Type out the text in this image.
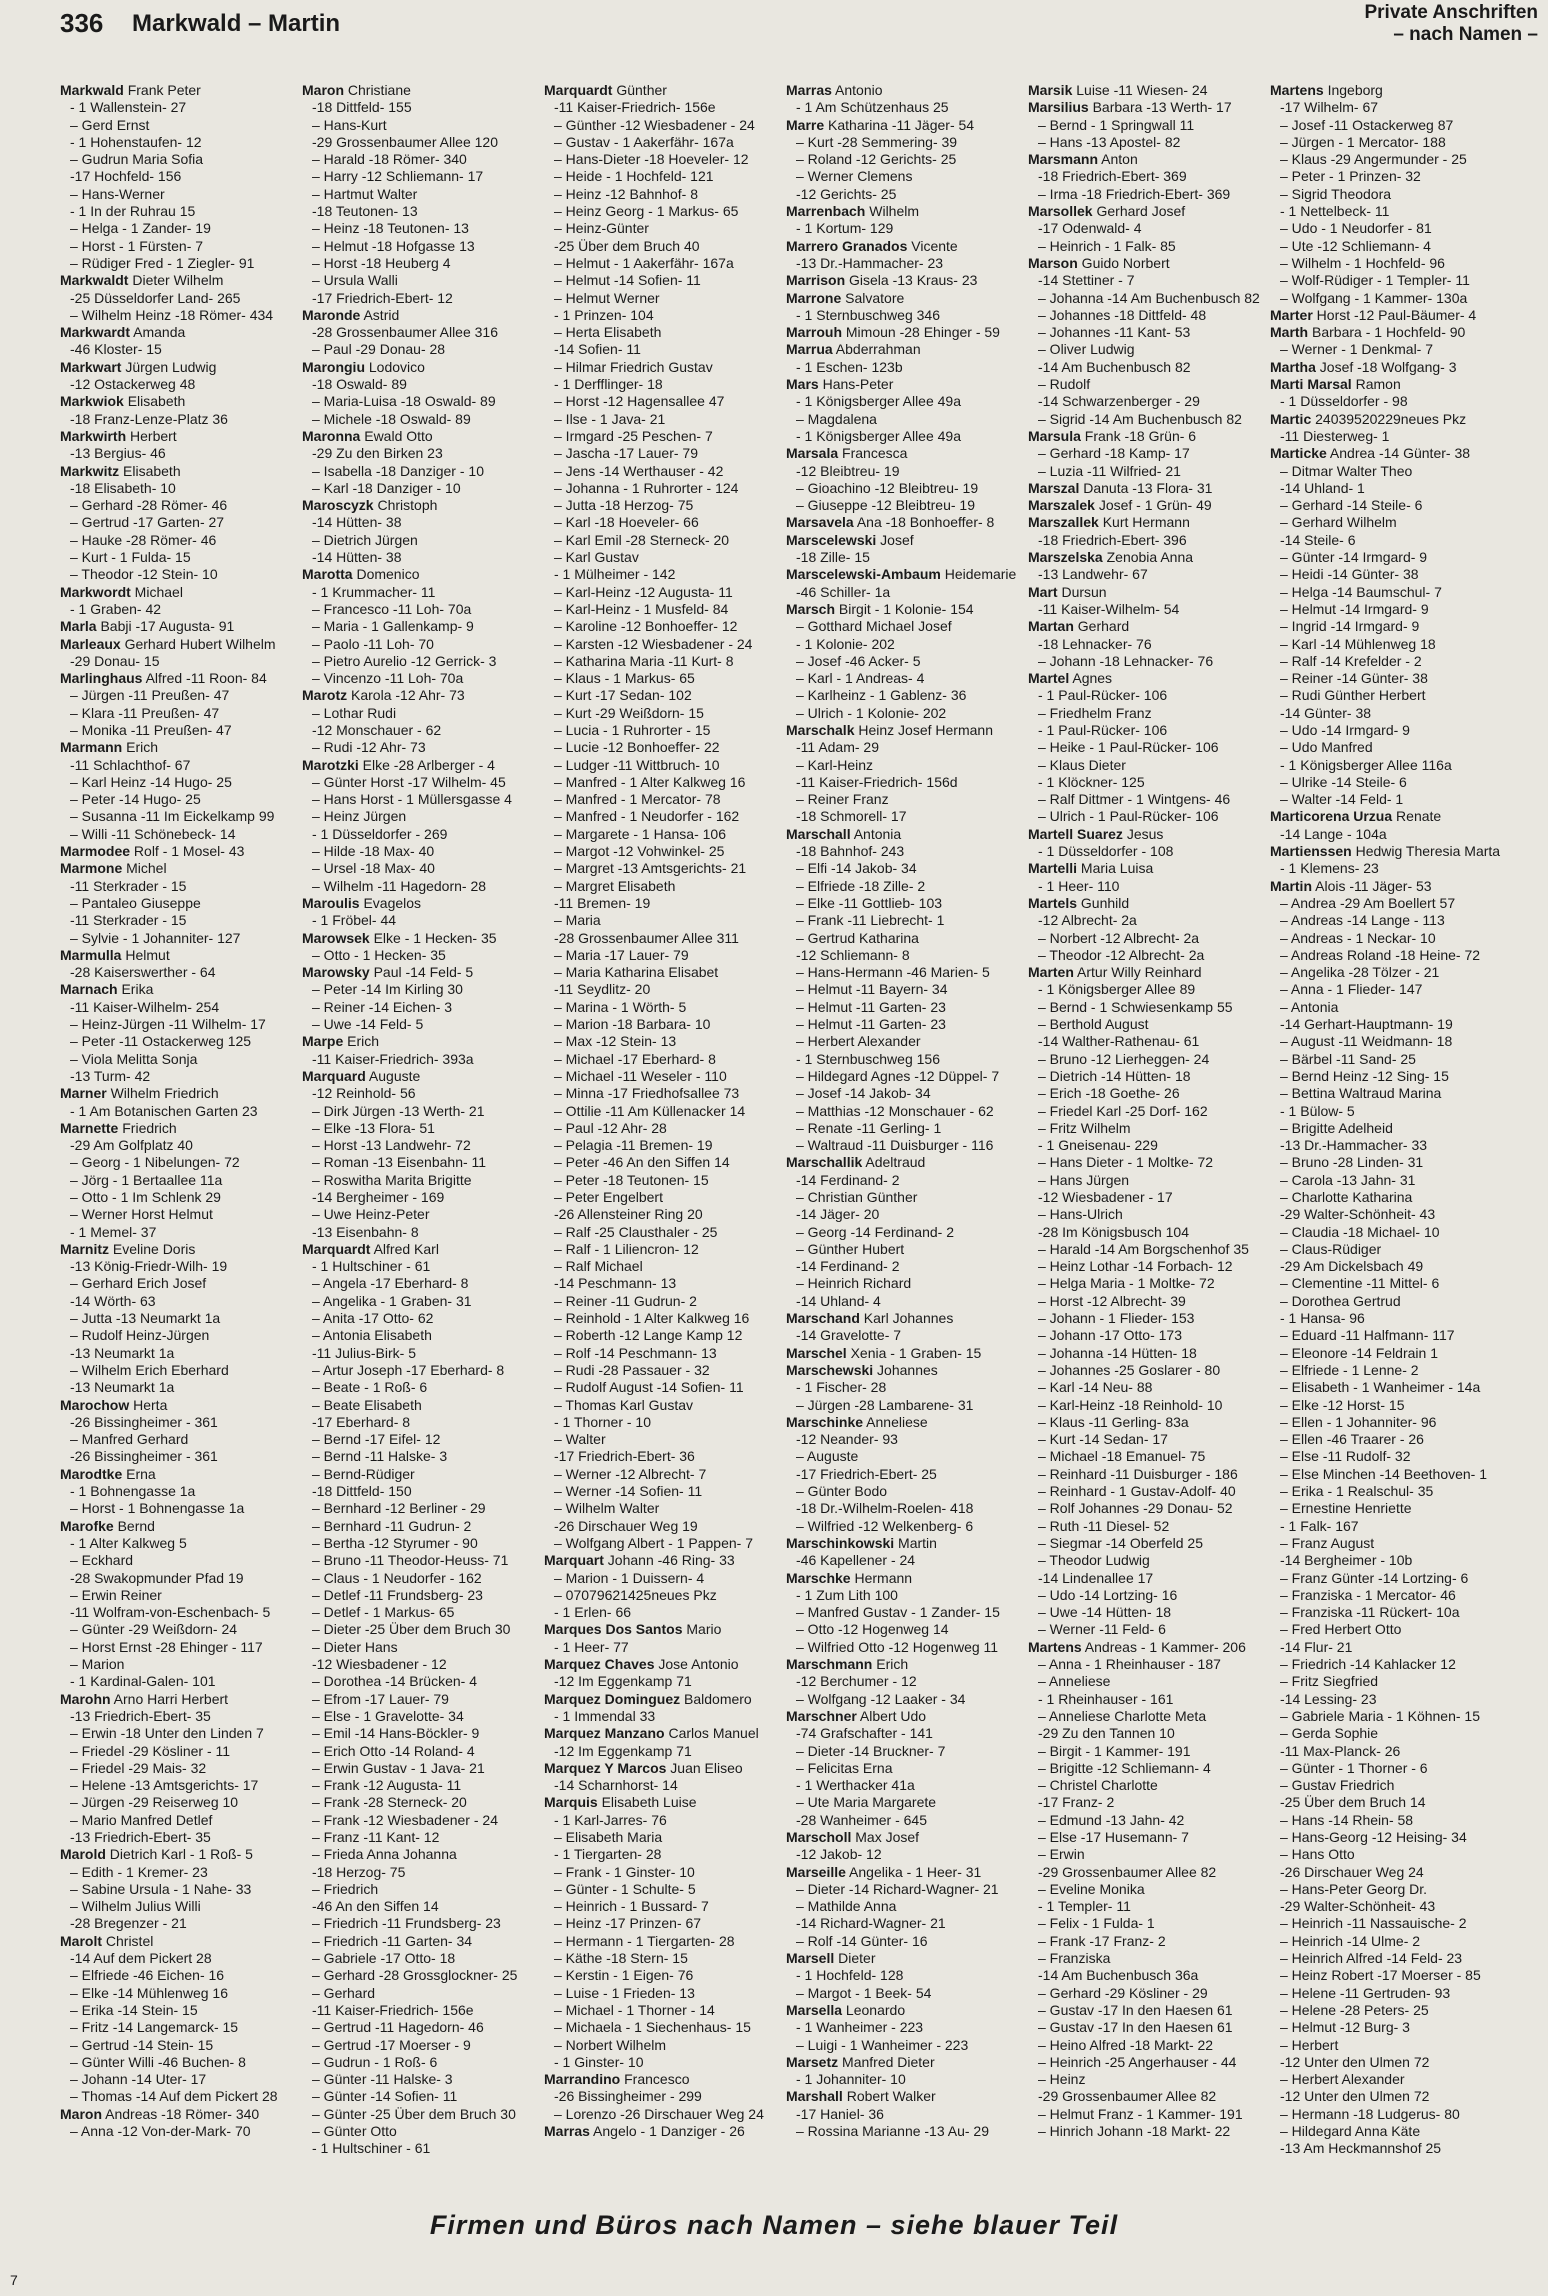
336 Markwald – Martin	Private Anschriften
– nach Namen –
Markwald Frank Peter
- 1 Wallenstein- 27
– Gerd Ernst
- 1 Hohenstaufen- 12
– Gudrun Maria Sofia
-17 Hochfeld- 156
– Hans-Werner
- 1 In der Ruhrau 15
– Helga - 1 Zander- 19
– Horst - 1 Fürsten- 7
– Rüdiger Fred - 1 Ziegler- 91
Markwaldt Dieter Wilhelm
-25 Düsseldorfer Land- 265
– Wilhelm Heinz -18 Römer- 434
Markwardt Amanda
-46 Kloster- 15
Markwart Jürgen Ludwig
-12 Ostackerweg 48
Markwiok Elisabeth
-18 Franz-Lenze-Platz 36
Markwirth Herbert
-13 Bergius- 46
Markwitz Elisabeth
-18 Elisabeth- 10
– Gerhard -28 Römer- 46
– Gertrud -17 Garten- 27
– Hauke -28 Römer- 46
– Kurt - 1 Fulda- 15
– Theodor -12 Stein- 10
Markwordt Michael
- 1 Graben- 42
Marla Babji -17 Augusta- 91
Marleaux Gerhard Hubert Wilhelm
-29 Donau- 15
Marlinghaus Alfred -11 Roon- 84
– Jürgen -11 Preußen- 47
– Klara -11 Preußen- 47
– Monika -11 Preußen- 47
Marmann Erich
-11 Schlachthof- 67
– Karl Heinz -14 Hugo- 25
– Peter -14 Hugo- 25
– Susanna -11 Im Eickelkamp 99
– Willi -11 Schönebeck- 14
Marmodee Rolf - 1 Mosel- 43
Marmone Michel
-11 Sterkrader - 15
– Pantaleo Giuseppe
-11 Sterkrader - 15
– Sylvie - 1 Johanniter- 127
Marmulla Helmut
-28 Kaiserswerther - 64
Marnach Erika
-11 Kaiser-Wilhelm- 254
– Heinz-Jürgen -11 Wilhelm- 17
– Peter -11 Ostackerweg 125
– Viola Melitta Sonja
-13 Turm- 42
Marner Wilhelm Friedrich
- 1 Am Botanischen Garten 23
Marnette Friedrich
-29 Am Golfplatz 40
– Georg - 1 Nibelungen- 72
– Jörg - 1 Bertaallee 11a
– Otto - 1 Im Schlenk 29
– Werner Horst Helmut
- 1 Memel- 37
Marnitz Eveline Doris
-13 König-Friedr-Wilh- 19
– Gerhard Erich Josef
-14 Wörth- 63
– Jutta -13 Neumarkt 1a
– Rudolf Heinz-Jürgen
-13 Neumarkt 1a
– Wilhelm Erich Eberhard
-13 Neumarkt 1a
Marochow Herta
-26 Bissingheimer - 361
– Manfred Gerhard
-26 Bissingheimer - 361
Marodtke Erna
- 1 Bohnengasse 1a
– Horst - 1 Bohnengasse 1a
Marofke Bernd
- 1 Alter Kalkweg 5
– Eckhard
-28 Swakopmunder Pfad 19
– Erwin Reiner
-11 Wolfram-von-Eschenbach- 5
– Günter -29 Weißdorn- 24
– Horst Ernst -28 Ehinger - 117
– Marion
- 1 Kardinal-Galen- 101
Marohn Arno Harri Herbert
-13 Friedrich-Ebert- 35
– Erwin -18 Unter den Linden 7
– Friedel -29 Kösliner - 11
– Friedel -29 Mais- 32
– Helene -13 Amtsgerichts- 17
– Jürgen -29 Reiserweg 10
– Mario Manfred Detlef
-13 Friedrich-Ebert- 35
Marold Dietrich Karl - 1 Roß- 5
– Edith - 1 Kremer- 23
– Sabine Ursula - 1 Nahe- 33
– Wilhelm Julius Willi
-28 Bregenzer - 21
Marolt Christel
-14 Auf dem Pickert 28
– Elfriede -46 Eichen- 16
– Elke -14 Mühlenweg 16
– Erika -14 Stein- 15
– Fritz -14 Langemarck- 15
– Gertrud -14 Stein- 15
– Günter Willi -46 Buchen- 8
– Johann -14 Uter- 17
– Thomas -14 Auf dem Pickert 28
Maron Andreas -18 Römer- 340
– Anna -12 Von-der-Mark- 70
Maron Christiane
-18 Dittfeld- 155
– Hans-Kurt
-29 Grossenbaumer Allee 120
– Harald -18 Römer- 340
– Harry -12 Schliemann- 17
– Hartmut Walter
-18 Teutonen- 13
– Heinz -18 Teutonen- 13
– Helmut -18 Hofgasse 13
– Horst -18 Heuberg 4
– Ursula Walli
-17 Friedrich-Ebert- 12
Maronde Astrid
-28 Grossenbaumer Allee 316
– Paul -29 Donau- 28
Marongiu Lodovico
-18 Oswald- 89
– Maria-Luisa -18 Oswald- 89
– Michele -18 Oswald- 89
Maronna Ewald Otto
-29 Zu den Birken 23
– Isabella -18 Danziger - 10
– Karl -18 Danziger - 10
Maroscyzk Christoph
-14 Hütten- 38
– Dietrich Jürgen
-14 Hütten- 38
Marotta Domenico
- 1 Krummacher- 11
– Francesco -11 Loh- 70a
– Maria - 1 Gallenkamp- 9
– Paolo -11 Loh- 70
– Pietro Aurelio -12 Gerrick- 3
– Vincenzo -11 Loh- 70a
Marotz Karola -12 Ahr- 73
– Lothar Rudi
-12 Monschauer - 62
– Rudi -12 Ahr- 73
Marotzki Elke -28 Arlberger - 4
– Günter Horst -17 Wilhelm- 45
– Hans Horst - 1 Müllersgasse 4
– Heinz Jürgen
- 1 Düsseldorfer - 269
– Hilde -18 Max- 40
– Ursel -18 Max- 40
– Wilhelm -11 Hagedorn- 28
Maroulis Evagelos
- 1 Fröbel- 44
Marowsek Elke - 1 Hecken- 35
– Otto - 1 Hecken- 35
Marowsky Paul -14 Feld- 5
– Peter -14 Im Kirling 30
– Reiner -14 Eichen- 3
– Uwe -14 Feld- 5
Marpe Erich
-11 Kaiser-Friedrich- 393a
Marquard Auguste
-12 Reinhold- 56
– Dirk Jürgen -13 Werth- 21
– Elke -13 Flora- 51
– Horst -13 Landwehr- 72
– Roman -13 Eisenbahn- 11
– Roswitha Marita Brigitte
-14 Bergheimer - 169
– Uwe Heinz-Peter
-13 Eisenbahn- 8
Marquardt Alfred Karl
- 1 Hultschiner - 61
– Angela -17 Eberhard- 8
– Angelika - 1 Graben- 31
– Anita -17 Otto- 62
– Antonia Elisabeth
-11 Julius-Birk- 5
– Artur Joseph -17 Eberhard- 8
– Beate - 1 Roß- 6
– Beate Elisabeth
-17 Eberhard- 8
– Bernd -17 Eifel- 12
– Bernd -11 Halske- 3
– Bernd-Rüdiger
-18 Dittfeld- 150
– Bernhard -12 Berliner - 29
– Bernhard -11 Gudrun- 2
– Bertha -12 Styrumer - 90
– Bruno -11 Theodor-Heuss- 71
– Claus - 1 Neudorfer - 162
– Detlef -11 Frundsberg- 23
– Detlef - 1 Markus- 65
– Dieter -25 Über dem Bruch 30
– Dieter Hans
-12 Wiesbadener - 12
– Dorothea -14 Brücken- 4
– Efrom -17 Lauer- 79
– Else - 1 Gravelotte- 34
– Emil -14 Hans-Böckler- 9
– Erich Otto -14 Roland- 4
– Erwin Gustav - 1 Java- 21
– Frank -12 Augusta- 11
– Frank -28 Sterneck- 20
– Frank -12 Wiesbadener - 24
– Franz -11 Kant- 12
– Frieda Anna Johanna
-18 Herzog- 75
– Friedrich
-46 An den Siffen 14
– Friedrich -11 Frundsberg- 23
– Friedrich -11 Garten- 34
– Gabriele -17 Otto- 18
– Gerhard -28 Grossglockner- 25
– Gerhard
-11 Kaiser-Friedrich- 156e
– Gertrud -11 Hagedorn- 46
– Gertrud -17 Moerser - 9
– Gudrun - 1 Roß- 6
– Günter -11 Halske- 3
– Günter -14 Sofien- 11
– Günter -25 Über dem Bruch 30
– Günter Otto
- 1 Hultschiner - 61
Marquardt Günther
-11 Kaiser-Friedrich- 156e
– Günther -12 Wiesbadener - 24
– Gustav - 1 Aakerfähr- 167a
– Hans-Dieter -18 Hoeveler- 12
– Heide - 1 Hochfeld- 121
– Heinz -12 Bahnhof- 8
– Heinz Georg - 1 Markus- 65
– Heinz-Günter
-25 Über dem Bruch 40
– Helmut - 1 Aakerfähr- 167a
– Helmut -14 Sofien- 11
– Helmut Werner
- 1 Prinzen- 104
– Herta Elisabeth
-14 Sofien- 11
– Hilmar Friedrich Gustav
- 1 Derfflinger- 18
– Horst -12 Hagensallee 47
– Ilse - 1 Java- 21
– Irmgard -25 Peschen- 7
– Jascha -17 Lauer- 79
– Jens -14 Werthauser - 42
– Johanna - 1 Ruhrorter - 124
– Jutta -18 Herzog- 75
– Karl -18 Hoeveler- 66
– Karl Emil -28 Sterneck- 20
– Karl Gustav
- 1 Mülheimer - 142
– Karl-Heinz -12 Augusta- 11
– Karl-Heinz - 1 Musfeld- 84
– Karoline -12 Bonhoeffer- 12
– Karsten -12 Wiesbadener - 24
– Katharina Maria -11 Kurt- 8
– Klaus - 1 Markus- 65
– Kurt -17 Sedan- 102
– Kurt -29 Weißdorn- 15
– Lucia - 1 Ruhrorter - 15
– Lucie -12 Bonhoeffer- 22
– Ludger -11 Wittbruch- 10
– Manfred - 1 Alter Kalkweg 16
– Manfred - 1 Mercator- 78
– Manfred - 1 Neudorfer - 162
– Margarete - 1 Hansa- 106
– Margot -12 Vohwinkel- 25
– Margret -13 Amtsgerichts- 21
– Margret Elisabeth
-11 Bremen- 19
– Maria
-28 Grossenbaumer Allee 311
– Maria -17 Lauer- 79
– Maria Katharina Elisabet
-11 Seydlitz- 20
– Marina - 1 Wörth- 5
– Marion -18 Barbara- 10
– Max -12 Stein- 13
– Michael -17 Eberhard- 8
– Michael -11 Weseler - 110
– Minna -17 Friedhofsallee 73
– Ottilie -11 Am Küllenacker 14
– Paul -12 Ahr- 28
– Pelagia -11 Bremen- 19
– Peter -46 An den Siffen 14
– Peter -18 Teutonen- 15
– Peter Engelbert
-26 Allensteiner Ring 20
– Ralf -25 Clausthaler - 25
– Ralf - 1 Liliencron- 12
– Ralf Michael
-14 Peschmann- 13
– Reiner -11 Gudrun- 2
– Reinhold - 1 Alter Kalkweg 16
– Roberth -12 Lange Kamp 12
– Rolf -14 Peschmann- 13
– Rudi -28 Passauer - 32
– Rudolf August -14 Sofien- 11
– Thomas Karl Gustav
- 1 Thorner - 10
– Walter
-17 Friedrich-Ebert- 36
– Werner -12 Albrecht- 7
– Werner -14 Sofien- 11
– Wilhelm Walter
-26 Dirschauer Weg 19
– Wolfgang Albert - 1 Pappen- 7
Marquart Johann -46 Ring- 33
– Marion - 1 Duissern- 4
– 07079621425neues Pkz
- 1 Erlen- 66
Marques Dos Santos Mario
- 1 Heer- 77
Marquez Chaves Jose Antonio
-12 Im Eggenkamp 71
Marquez Dominguez Baldomero
- 1 Immendal 33
Marquez Manzano Carlos Manuel
-12 Im Eggenkamp 71
Marquez Y Marcos Juan Eliseo
-14 Scharnhorst- 14
Marquis Elisabeth Luise
- 1 Karl-Jarres- 76
– Elisabeth Maria
- 1 Tiergarten- 28
– Frank - 1 Ginster- 10
– Günter - 1 Schulte- 5
– Heinrich - 1 Bussard- 7
– Heinz -17 Prinzen- 67
– Hermann - 1 Tiergarten- 28
– Käthe -18 Stern- 15
– Kerstin - 1 Eigen- 76
– Luise - 1 Frieden- 13
– Michael - 1 Thorner - 14
– Michaela - 1 Siechenhaus- 15
– Norbert Wilhelm
- 1 Ginster- 10
Marrandino Francesco
-26 Bissingheimer - 299
– Lorenzo -26 Dirschauer Weg 24
Marras Angelo - 1 Danziger - 26
Marras Antonio
- 1 Am Schützenhaus 25
Marre Katharina -11 Jäger- 54
– Kurt -28 Semmering- 39
– Roland -12 Gerichts- 25
– Werner Clemens
-12 Gerichts- 25
Marrenbach Wilhelm
- 1 Kortum- 129
Marrero Granados Vicente
-13 Dr.-Hammacher- 23
Marrison Gisela -13 Kraus- 23
Marrone Salvatore
- 1 Sternbuschweg 346
Marrouh Mimoun -28 Ehinger - 59
Marrua Abderrahman
- 1 Eschen- 123b
Mars Hans-Peter
- 1 Königsberger Allee 49a
– Magdalena
- 1 Königsberger Allee 49a
Marsala Francesca
-12 Bleibtreu- 19
– Gioachino -12 Bleibtreu- 19
– Giuseppe -12 Bleibtreu- 19
Marsavela Ana -18 Bonhoeffer- 8
Marscelewski Josef
-18 Zille- 15
Marscelewski-Ambaum Heidemarie
-46 Schiller- 1a
Marsch Birgit - 1 Kolonie- 154
– Gotthard Michael Josef
- 1 Kolonie- 202
– Josef -46 Acker- 5
– Karl - 1 Andreas- 4
– Karlheinz - 1 Gablenz- 36
– Ulrich - 1 Kolonie- 202
Marschalk Heinz Josef Hermann
-11 Adam- 29
– Karl-Heinz
-11 Kaiser-Friedrich- 156d
– Reiner Franz
-18 Schmorell- 17
Marschall Antonia
-18 Bahnhof- 243
– Elfi -14 Jakob- 34
– Elfriede -18 Zille- 2
– Elke -11 Gottlieb- 103
– Frank -11 Liebrecht- 1
– Gertrud Katharina
-12 Schliemann- 8
– Hans-Hermann -46 Marien- 5
– Helmut -11 Bayern- 34
– Helmut -11 Garten- 23
– Helmut -11 Garten- 23
– Herbert Alexander
- 1 Sternbuschweg 156
– Hildegard Agnes -12 Düppel- 7
– Josef -14 Jakob- 34
– Matthias -12 Monschauer - 62
– Renate -11 Gerling- 1
– Waltraud -11 Duisburger - 116
Marschallik Adeltraud
-14 Ferdinand- 2
– Christian Günther
-14 Jäger- 20
– Georg -14 Ferdinand- 2
– Günther Hubert
-14 Ferdinand- 2
– Heinrich Richard
-14 Uhland- 4
Marschand Karl Johannes
-14 Gravelotte- 7
Marschel Xenia - 1 Graben- 15
Marschewski Johannes
- 1 Fischer- 28
– Jürgen -28 Lambarene- 31
Marschinke Anneliese
-12 Neander- 93
– Auguste
-17 Friedrich-Ebert- 25
– Günter Bodo
-18 Dr.-Wilhelm-Roelen- 418
– Wilfried -12 Welkenberg- 6
Marschinkowski Martin
-46 Kapellener - 24
Marschke Hermann
- 1 Zum Lith 100
– Manfred Gustav - 1 Zander- 15
– Otto -12 Hogenweg 14
– Wilfried Otto -12 Hogenweg 11
Marschmann Erich
-12 Berchumer - 12
– Wolfgang -12 Laaker - 34
Marschner Albert Udo
-74 Grafschafter - 141
– Dieter -14 Bruckner- 7
– Felicitas Erna
- 1 Werthacker 41a
– Ute Maria Margarete
-28 Wanheimer - 645
Marscholl Max Josef
-12 Jakob- 12
Marseille Angelika - 1 Heer- 31
– Dieter -14 Richard-Wagner- 21
– Mathilde Anna
-14 Richard-Wagner- 21
– Rolf -14 Günter- 16
Marsell Dieter
- 1 Hochfeld- 128
– Margot - 1 Beek- 54
Marsella Leonardo
- 1 Wanheimer - 223
– Luigi - 1 Wanheimer - 223
Marsetz Manfred Dieter
- 1 Johanniter- 10
Marshall Robert Walker
-17 Haniel- 36
– Rossina Marianne -13 Au- 29
Marsik Luise -11 Wiesen- 24
Marsilius Barbara -13 Werth- 17
– Bernd - 1 Springwall 11
– Hans -13 Apostel- 82
Marsmann Anton
-18 Friedrich-Ebert- 369
– Irma -18 Friedrich-Ebert- 369
Marsollek Gerhard Josef
-17 Odenwald- 4
– Heinrich - 1 Falk- 85
Marson Guido Norbert
-14 Stettiner - 7
– Johanna -14 Am Buchenbusch 82
– Johannes -18 Dittfeld- 48
– Johannes -11 Kant- 53
– Oliver Ludwig
-14 Am Buchenbusch 82
– Rudolf
-14 Schwarzenberger - 29
– Sigrid -14 Am Buchenbusch 82
Marsula Frank -18 Grün- 6
– Gerhard -18 Kamp- 17
– Luzia -11 Wilfried- 21
Marszal Danuta -13 Flora- 31
Marszalek Josef - 1 Grün- 49
Marszallek Kurt Hermann
-18 Friedrich-Ebert- 396
Marszelska Zenobia Anna
-13 Landwehr- 67
Mart Dursun
-11 Kaiser-Wilhelm- 54
Martan Gerhard
-18 Lehnacker- 76
– Johann -18 Lehnacker- 76
Martel Agnes
- 1 Paul-Rücker- 106
– Friedhelm Franz
- 1 Paul-Rücker- 106
– Heike - 1 Paul-Rücker- 106
– Klaus Dieter
- 1 Klöckner- 125
– Ralf Dittmer - 1 Wintgens- 46
– Ulrich - 1 Paul-Rücker- 106
Martell Suarez Jesus
- 1 Düsseldorfer - 108
Martelli Maria Luisa
- 1 Heer- 110
Martels Gunhild
-12 Albrecht- 2a
– Norbert -12 Albrecht- 2a
– Theodor -12 Albrecht- 2a
Marten Artur Willy Reinhard
- 1 Königsberger Allee 89
– Bernd - 1 Schwiesenkamp 55
– Berthold August
-14 Walther-Rathenau- 61
– Bruno -12 Lierheggen- 24
– Dietrich -14 Hütten- 18
– Erich -18 Goethe- 26
– Friedel Karl -25 Dorf- 162
– Fritz Wilhelm
- 1 Gneisenau- 229
– Hans Dieter - 1 Moltke- 72
– Hans Jürgen
-12 Wiesbadener - 17
– Hans-Ulrich
-28 Im Königsbusch 104
– Harald -14 Am Borgschenhof 35
– Heinz Lothar -14 Forbach- 12
– Helga Maria - 1 Moltke- 72
– Horst -12 Albrecht- 39
– Johann - 1 Flieder- 153
– Johann -17 Otto- 173
– Johanna -14 Hütten- 18
– Johannes -25 Goslarer - 80
– Karl -14 Neu- 88
– Karl-Heinz -18 Reinhold- 10
– Klaus -11 Gerling- 83a
– Kurt -14 Sedan- 17
– Michael -18 Emanuel- 75
– Reinhard -11 Duisburger - 186
– Reinhard - 1 Gustav-Adolf- 40
– Rolf Johannes -29 Donau- 52
– Ruth -11 Diesel- 52
– Siegmar -14 Oberfeld 25
– Theodor Ludwig
-14 Lindenallee 17
– Udo -14 Lortzing- 16
– Uwe -14 Hütten- 18
– Werner -11 Feld- 6
Martens Andreas - 1 Kammer- 206
– Anna - 1 Rheinhauser - 187
– Anneliese
- 1 Rheinhauser - 161
– Anneliese Charlotte Meta
-29 Zu den Tannen 10
– Birgit - 1 Kammer- 191
– Brigitte -12 Schliemann- 4
– Christel Charlotte
-17 Franz- 2
– Edmund -13 Jahn- 42
– Else -17 Husemann- 7
– Erwin
-29 Grossenbaumer Allee 82
– Eveline Monika
- 1 Templer- 11
– Felix - 1 Fulda- 1
– Frank -17 Franz- 2
– Franziska
-14 Am Buchenbusch 36a
– Gerhard -29 Kösliner - 29
– Gustav -17 In den Haesen 61
– Gustav -17 In den Haesen 61
– Heino Alfred -18 Markt- 22
– Heinrich -25 Angerhauser - 44
– Heinz
-29 Grossenbaumer Allee 82
– Helmut Franz - 1 Kammer- 191
– Hinrich Johann -18 Markt- 22
Martens Ingeborg
-17 Wilhelm- 67
– Josef -11 Ostackerweg 87
– Jürgen - 1 Mercator- 188
– Klaus -29 Angermunder - 25
– Peter - 1 Prinzen- 32
– Sigrid Theodora
- 1 Nettelbeck- 11
– Udo - 1 Neudorfer - 81
– Ute -12 Schliemann- 4
– Wilhelm - 1 Hochfeld- 96
– Wolf-Rüdiger - 1 Templer- 11
– Wolfgang - 1 Kammer- 130a
Marter Horst -12 Paul-Bäumer- 4
Marth Barbara - 1 Hochfeld- 90
– Werner - 1 Denkmal- 7
Martha Josef -18 Wolfgang- 3
Marti Marsal Ramon
- 1 Düsseldorfer - 98
Martic 24039520229neues Pkz
-11 Diesterweg- 1
Marticke Andrea -14 Günter- 38
– Ditmar Walter Theo
-14 Uhland- 1
– Gerhard -14 Steile- 6
– Gerhard Wilhelm
-14 Steile- 6
– Günter -14 Irmgard- 9
– Heidi -14 Günter- 38
– Helga -14 Baumschul- 7
– Helmut -14 Irmgard- 9
– Ingrid -14 Irmgard- 9
– Karl -14 Mühlenweg 18
– Ralf -14 Krefelder - 2
– Reiner -14 Günter- 38
– Rudi Günther Herbert
-14 Günter- 38
– Udo -14 Irmgard- 9
– Udo Manfred
- 1 Königsberger Allee 116a
– Ulrike -14 Steile- 6
– Walter -14 Feld- 1
Marticorena Urzua Renate
-14 Lange - 104a
Martienssen Hedwig Theresia Marta
- 1 Klemens- 23
Martin Alois -11 Jäger- 53
– Andrea -29 Am Boellert 57
– Andreas -14 Lange - 113
– Andreas - 1 Neckar- 10
– Andreas Roland -18 Heine- 72
– Angelika -28 Tölzer - 21
– Anna - 1 Flieder- 147
– Antonia
-14 Gerhart-Hauptmann- 19
– August -11 Weidmann- 18
– Bärbel -11 Sand- 25
– Bernd Heinz -12 Sing- 15
– Bettina Waltraud Marina
- 1 Bülow- 5
– Brigitte Adelheid
-13 Dr.-Hammacher- 33
– Bruno -28 Linden- 31
– Carola -13 Jahn- 31
– Charlotte Katharina
-29 Walter-Schönheit- 43
– Claudia -18 Michael- 10
– Claus-Rüdiger
-29 Am Dickelsbach 49
– Clementine -11 Mittel- 6
– Dorothea Gertrud
- 1 Hansa- 96
– Eduard -11 Halfmann- 117
– Eleonore -14 Feldrain 1
– Elfriede - 1 Lenne- 2
– Elisabeth - 1 Wanheimer - 14a
– Elke -12 Horst- 15
– Ellen - 1 Johanniter- 96
– Ellen -46 Traarer - 26
– Else -11 Rudolf- 32
– Else Minchen -14 Beethoven- 1
– Erika - 1 Realschul- 35
– Ernestine Henriette
- 1 Falk- 167
– Franz August
-14 Bergheimer - 10b
– Franz Günter -14 Lortzing- 6
– Franziska - 1 Mercator- 46
– Franziska -11 Rückert- 10a
– Fred Herbert Otto
-14 Flur- 21
– Friedrich -14 Kahlacker 12
– Fritz Siegfried
-14 Lessing- 23
– Gabriele Maria - 1 Köhnen- 15
– Gerda Sophie
-11 Max-Planck- 26
– Günter - 1 Thorner - 6
– Gustav Friedrich
-25 Über dem Bruch 14
– Hans -14 Rhein- 58
– Hans-Georg -12 Heising- 34
– Hans Otto
-26 Dirschauer Weg 24
– Hans-Peter Georg Dr.
-29 Walter-Schönheit- 43
– Heinrich -11 Nassauische- 2
– Heinrich -14 Ulme- 2
– Heinrich Alfred -14 Feld- 23
– Heinz Robert -17 Moerser - 85
– Helene -11 Gertruden- 93
– Helene -28 Peters- 25
– Helmut -12 Burg- 3
– Herbert
-12 Unter den Ulmen 72
– Herbert Alexander
-12 Unter den Ulmen 72
– Hermann -18 Ludgerus- 80
– Hildegard Anna Käte
-13 Am Heckmannshof 25
Firmen und Büros nach Namen – siehe blauer Teil
7
